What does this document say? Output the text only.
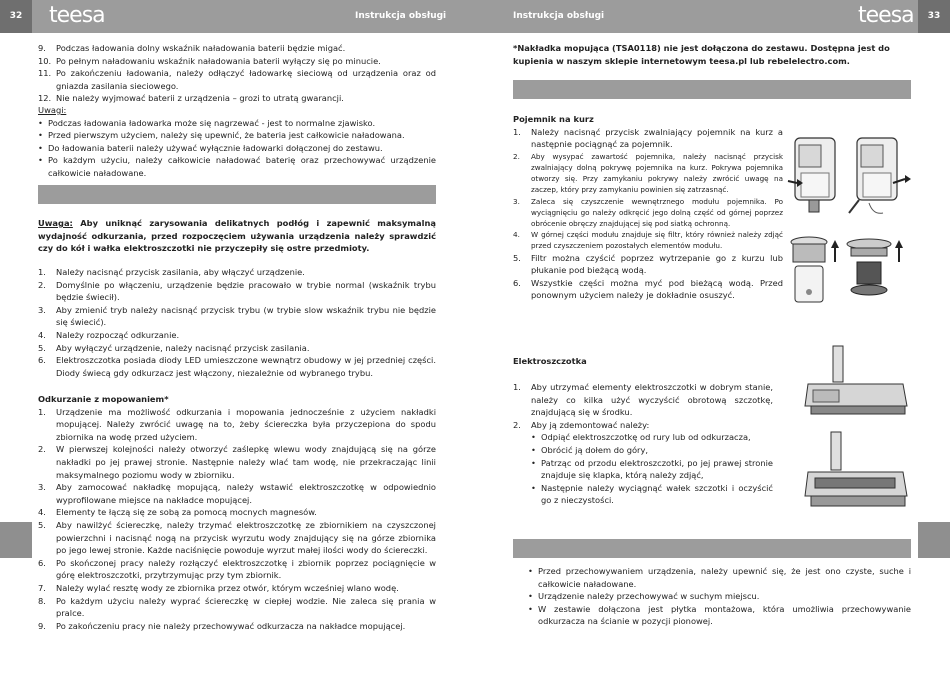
32	teesa	Instrukcja obsługi
9. Podczas ładowania dolny wskaźnik naładowania baterii będzie migać.
10. Po pełnym naładowaniu wskaźnik naładowania baterii wyłączy się po minucie.
11. Po zakończeniu ładowania, należy odłączyć ładowarkę sieciową od urządzenia oraz od gniazda zasilania sieciowego.
12. Nie należy wyjmować baterii z urządzenia – grozi to utratą gwarancji.

Uwagi:

• Podczas ładowania ładowarka może się nagrzewać - jest to normalne zjawisko.
• Przed pierwszym użyciem, należy się upewnić, że bateria jest całkowicie naładowana.
• Do ładowania baterii należy używać wyłącznie ładowarki dołączonej do zestawu.
• Po każdym użyciu, należy całkowicie naładować baterię oraz przechowywać urządzenie całkowicie naładowane.
Uwaga: Aby uniknąć zarysowania delikatnych podłóg i zapewnić maksymalną wydajność odkurzania, przed rozpoczęciem używania urządzenia należy sprawdzić czy do kół i wałka elektroszczotki nie przyczepiły się ostre przedmioty.
1. Należy nacisnąć przycisk zasilania, aby włączyć urządzenie.
2. Domyślnie po włączeniu, urządzenie będzie pracowało w trybie normal (wskaźnik trybu będzie świecił).
3. Aby zmienić tryb należy nacisnąć przycisk trybu (w trybie slow wskaźnik trybu nie będzie się świecić).
4. Należy rozpocząć odkurzanie.
5. Aby wyłączyć urządzenie, należy nacisnąć przycisk zasilania.
6. Elektroszczotka posiada diody LED umieszczone wewnątrz obudowy w jej przedniej części. Diody świecą gdy odkurzacz jest włączony, niezależnie od wybranego trybu.

Odkurzanie z mopowaniem*

1. Urządzenie ma możliwość odkurzania i mopowania jednocześnie z użyciem nakładki mopującej. Należy zwrócić uwagę na to, żeby ściereczka była przyczepiona do spodu zbiornika na wodę przed użyciem.
2. W pierwszej kolejności należy otworzyć zaślepkę wlewu wody znajdującą się na górze nakładki po jej prawej stronie. Następnie należy wlać tam wodę, nie przekraczając linii maksymalnego poziomu wody w zbiorniku.
3. Aby zamocować nakładkę mopującą, należy wstawić elektroszczotkę w odpowiednio wyprofilowane miejsce na nakładce mopującej.
4. Elementy te łączą się ze sobą za pomocą mocnych magnesów.
5. Aby nawilżyć ściereczkę, należy trzymać elektroszczotkę ze zbiornikiem na czyszczonej powierzchni i nacisnąć nogą na przycisk wyrzutu wody znajdujący się na górze zbiornika po jego lewej stronie. Każde naciśnięcie powoduje wyrzut małej ilości wody do ściereczki.
6. Po skończonej pracy należy rozłączyć elektroszczotkę i zbiornik poprzez pociągnięcie w górę elektroszczotki, przytrzymując przy tym zbiornik.
7. Należy wylać resztę wody ze zbiornika przez otwór, którym wcześniej wlano wodę.
8. Po każdym użyciu należy wyprać ściereczkę w ciepłej wodzie. Nie zaleca się prania w pralce.
9. Po zakończeniu pracy nie należy przechowywać odkurzacza na nakładce mopującej.
Instrukcja obsługi	teesa	33
*Nakładka mopująca (TSA0118) nie jest dołączona do zestawu. Dostępna jest do kupienia w naszym sklepie internetowym teesa.pl lub rebelelectro.com.

Pojemnik na kurz

1. Należy nacisnąć przycisk zwalniający pojemnik na kurz a następnie pociągnąć za pojemnik.
2. Aby wysypać zawartość pojemnika, należy nacisnąć przycisk zwalniający dolną pokrywę pojemnika na kurz. Pokrywa pojemnika otworzy się. Przy zamykaniu pokrywy należy zwrócić uwagę na zaczep, który przy zamykaniu powinien się zatrzasnąć.
3. Zaleca się czyszczenie wewnętrznego modułu pojemnika. Po wyciągnięciu go należy odkręcić jego dolną część od górnej poprzez obrócenie obręczy znajdującej się pod siatką ochronną.
4. W górnej części modułu znajduje się filtr, który również należy zdjąć przed czyszczeniem pozostałych elementów modułu.
5. Filtr można czyścić poprzez wytrzepanie go z kurzu lub płukanie pod bieżącą wodą.
6. Wszystkie części można myć pod bieżącą wodą. Przed ponownym użyciem należy je dokładnie osuszyć.

Elektroszczotka

1. Aby utrzymać elementy elektroszczotki w dobrym stanie, należy co kilka użyć wyczyścić obrotową szczotkę, znajdującą się w środku.
2. Aby ją zdemontować należy:
• Odpiąć elektroszczotkę od rury lub od odkurzacza,
• Obrócić ją dołem do góry,
• Patrząc od przodu elektroszczotki, po jej prawej stronie znajduje się klapka, którą należy zdjąć,
• Następnie należy wyciągnąć wałek szczotki i oczyścić go z nieczystości.
• Przed przechowywaniem urządzenia, należy upewnić się, że jest ono czyste, suche i całkowicie naładowane.
• Urządzenie należy przechowywać w suchym miejscu.
• W zestawie dołączona jest płytka montażowa, która umożliwia przechowywanie odkurzacza na ścianie w pozycji pionowej.
